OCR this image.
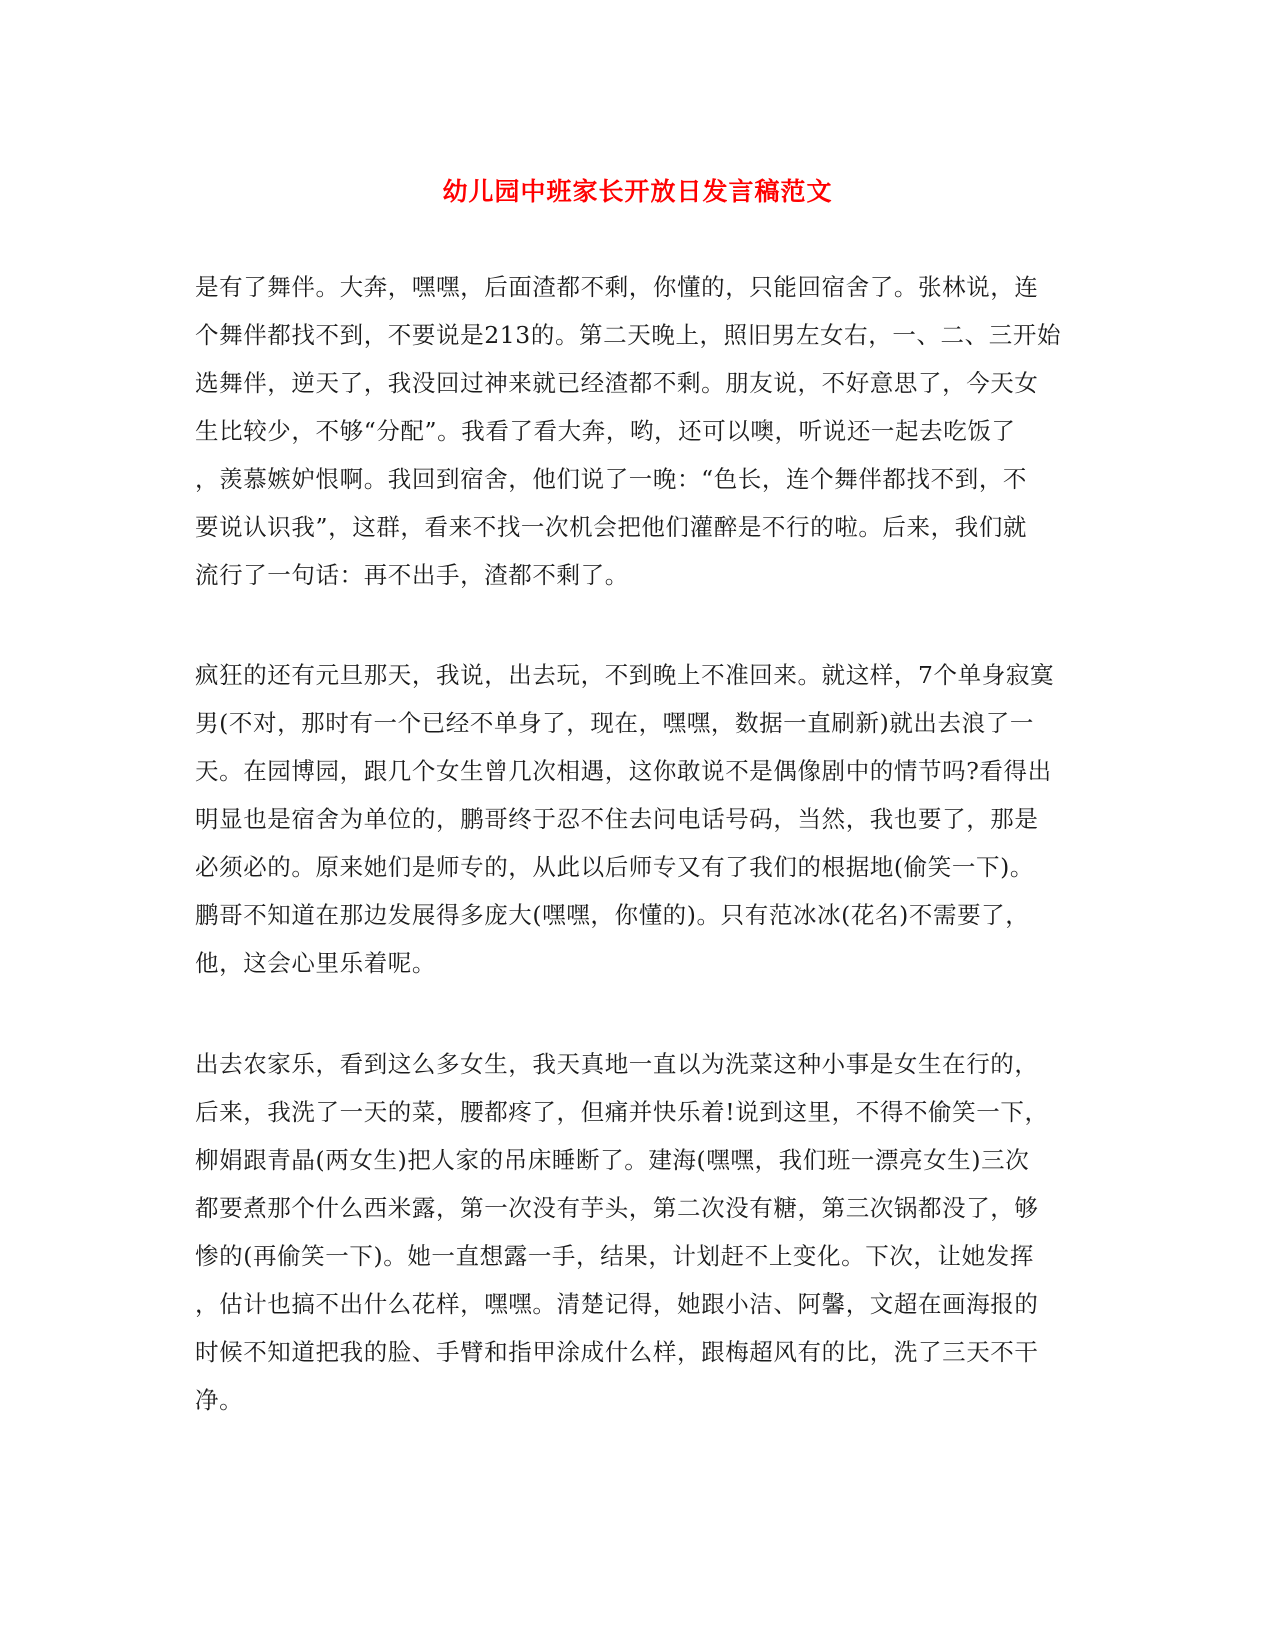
幼儿园中班家长开放日发言稿范文
是有了舞伴。大奔，嘿嘿，后面渣都不剩，你懂的，只能回宿舍了。张林说，连
个舞伴都找不到，不要说是213的。第二天晚上，照旧男左女右，一、二、三开始
选舞伴，逆天了，我没回过神来就已经渣都不剩。朋友说，不好意思了，今天女
生比较少，不够“分配”。我看了看大奔，哟，还可以噢，听说还一起去吃饭了
，羡慕嫉妒恨啊。我回到宿舍，他们说了一晚：“色长，连个舞伴都找不到，不
要说认识我”，这群，看来不找一次机会把他们灌醉是不行的啦。后来，我们就
流行了一句话：再不出手，渣都不剩了。
疯狂的还有元旦那天，我说，出去玩，不到晚上不准回来。就这样，7个单身寂寞
男(不对，那时有一个已经不单身了，现在，嘿嘿，数据一直刷新)就出去浪了一
天。在园博园，跟几个女生曾几次相遇，这你敢说不是偶像剧中的情节吗?看得出
明显也是宿舍为单位的，鹏哥终于忍不住去问电话号码，当然，我也要了，那是
必须必的。原来她们是师专的，从此以后师专又有了我们的根据地(偷笑一下)。
鹏哥不知道在那边发展得多庞大(嘿嘿，你懂的)。只有范冰冰(花名)不需要了，
他，这会心里乐着呢。
出去农家乐，看到这么多女生，我天真地一直以为洗菜这种小事是女生在行的，
后来，我洗了一天的菜，腰都疼了，但痛并快乐着!说到这里，不得不偷笑一下，
柳娟跟青晶(两女生)把人家的吊床睡断了。建海(嘿嘿，我们班一漂亮女生)三次
都要煮那个什么西米露，第一次没有芋头，第二次没有糖，第三次锅都没了，够
惨的(再偷笑一下)。她一直想露一手，结果，计划赶不上变化。下次，让她发挥
，估计也搞不出什么花样，嘿嘿。清楚记得，她跟小洁、阿馨，文超在画海报的
时候不知道把我的脸、手臂和指甲涂成什么样，跟梅超风有的比，洗了三天不干
净。
